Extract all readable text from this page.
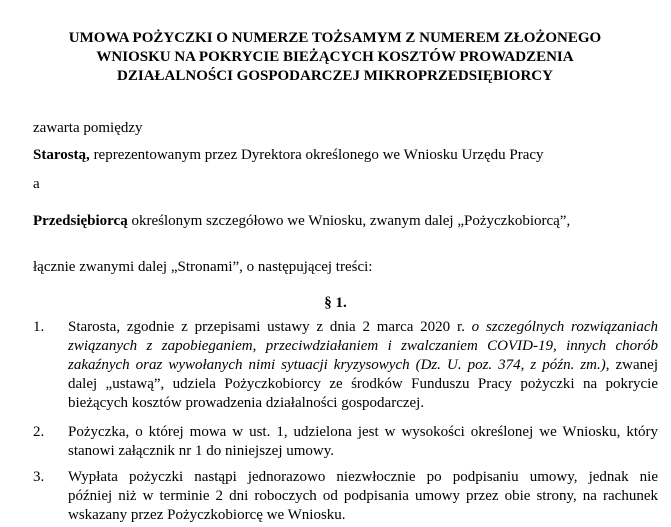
UMOWA POŻYCZKI O NUMERZE TOŻSAMYM Z NUMEREM ZŁOŻONEGO
WNIOSKU NA POKRYCIE BIEŻĄCYCH KOSZTÓW PROWADZENIA
DZIAŁALNOŚCI GOSPODARCZEJ MIKROPRZEDSIĘBIORCY
zawarta pomiędzy
Starostą, reprezentowanym przez Dyrektora określonego we Wniosku Urzędu Pracy
a
Przedsiębiorcą określonym szczegółowo we Wniosku, zwanym dalej „Pożyczkobiorcą”,
łącznie zwanymi dalej „Stronami”, o następującej treści:
§ 1.
1.	Starosta, zgodnie z przepisami ustawy z dnia 2 marca 2020 r. o szczególnych rozwiązaniach
związanych z zapobieganiem, przeciwdziałaniem i zwalczaniem COVID-19, innych chorób
zakaźnych oraz wywołanych nimi sytuacji kryzysowych (Dz. U. poz. 374, z późn. zm.), zwanej
dalej „ustawą”, udziela Pożyczkobiorcy ze środków Funduszu Pracy pożyczki na pokrycie
bieżących kosztów prowadzenia działalności gospodarczej.
2.	Pożyczka, o której mowa w ust. 1, udzielona jest w wysokości określonej we Wniosku, który
stanowi załącznik nr 1 do niniejszej umowy.
3.	Wypłata pożyczki nastąpi jednorazowo niezwłocznie po podpisaniu umowy, jednak nie
później niż w terminie 2 dni roboczych od podpisania umowy przez obie strony, na rachunek
wskazany przez Pożyczkobiorcę we Wniosku.
